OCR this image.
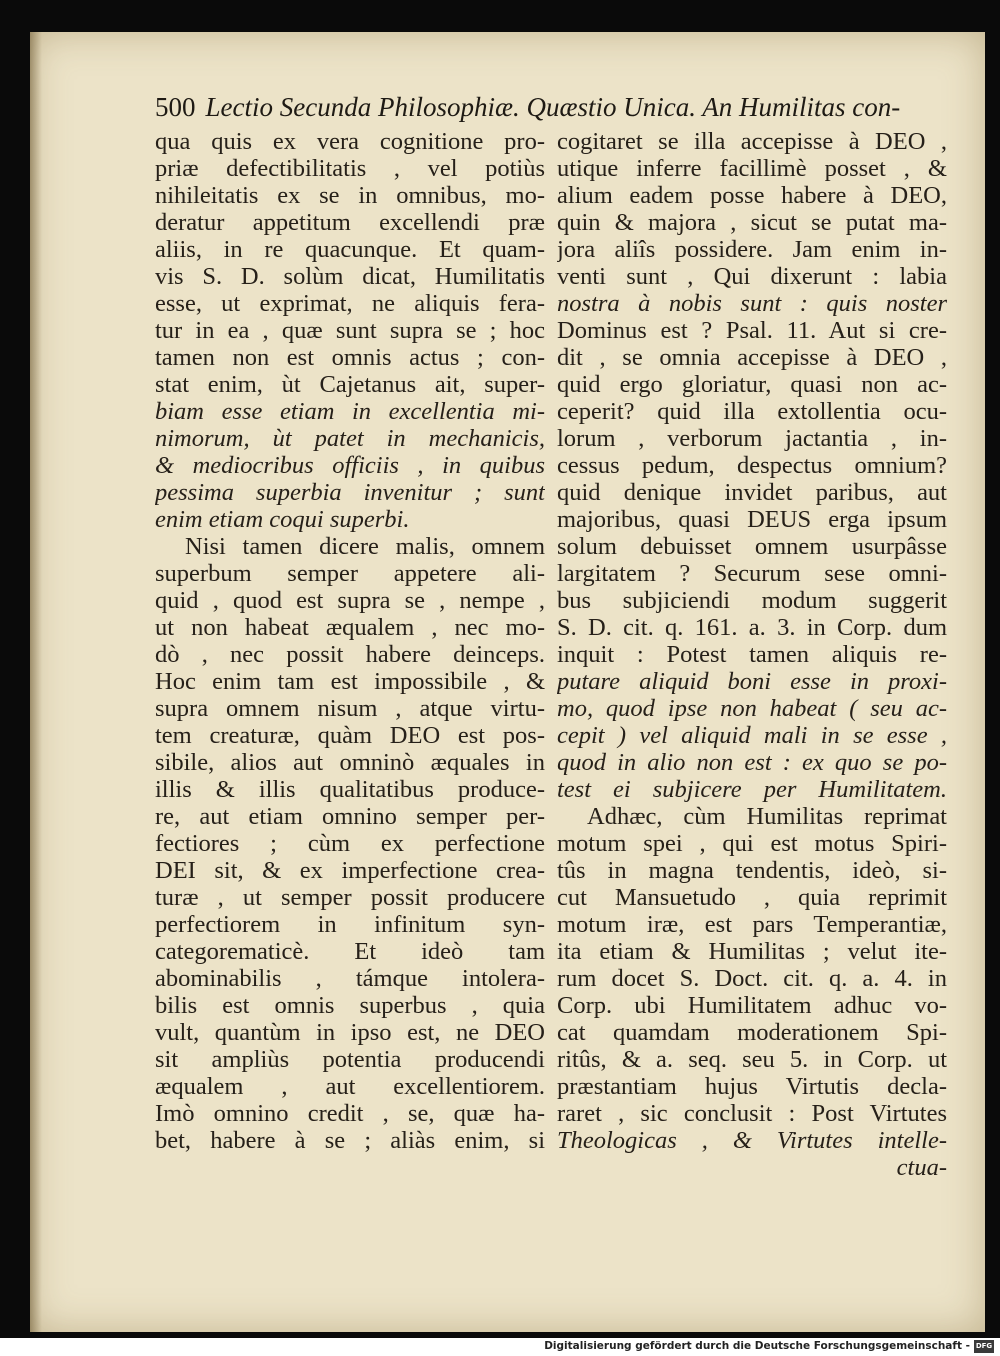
500 Lectio Secunda Philosophiæ. Quæstio Unica. An Humilitas con-
qua quis ex vera cognitione pro-
priæ defectibilitatis , vel potiùs
nihileitatis ex se in omnibus, mo-
deratur appetitum excellendi præ
aliis, in re quacunque. Et quam-
vis S. D. solùm dicat, Humilitatis
esse, ut exprimat, ne aliquis fera-
tur in ea , quæ sunt supra se ; hoc
tamen non est omnis actus ; con-
stat enim, ùt Cajetanus ait, super-
biam esse etiam in excellentia mi-
nimorum, ùt patet in mechanicis,
& mediocribus officiis , in quibus
pessima superbia invenitur ; sunt
enim etiam coqui superbi.
Nisi tamen dicere malis, omnem
superbum semper appetere ali-
quid , quod est supra se , nempe ,
ut non habeat æqualem , nec mo-
dò , nec possit habere deinceps.
Hoc enim tam est impossibile , &
supra omnem nisum , atque virtu-
tem creaturæ, quàm DEO est pos-
sibile, alios aut omninò æquales in
illis & illis qualitatibus produce-
re, aut etiam omnino semper per-
fectiores ; cùm ex perfectione
DEI sit, & ex imperfectione crea-
turæ , ut semper possit producere
perfectiorem in infinitum syn-
categorematicè. Et ideò tam
abominabilis , támque intolera-
bilis est omnis superbus , quia
vult, quantùm in ipso est, ne DEO
sit ampliùs potentia producendi
æqualem , aut excellentiorem.
Imò omnino credit , se, quæ ha-
bet, habere à se ; aliàs enim, si
cogitaret se illa accepisse à DEO ,
utique inferre facillimè posset , &
alium eadem posse habere à DEO,
quin & majora , sicut se putat ma-
jora aliîs possidere. Jam enim in-
venti sunt , Qui dixerunt : labia
nostra à nobis sunt : quis noster
Dominus est ? Psal. 11. Aut si cre-
dit , se omnia accepisse à DEO ,
quid ergo gloriatur, quasi non ac-
ceperit? quid illa extollentia ocu-
lorum , verborum jactantia , in-
cessus pedum, despectus omnium?
quid denique invidet paribus, aut
majoribus, quasi DEUS erga ipsum
solum debuisset omnem usurpâsse
largitatem ? Securum sese omni-
bus subjiciendi modum suggerit
S. D. cit. q. 161. a. 3. in Corp. dum
inquit : Potest tamen aliquis re-
putare aliquid boni esse in proxi-
mo, quod ipse non habeat ( seu ac-
cepit ) vel aliquid mali in se esse ,
quod in alio non est : ex quo se po-
test ei subjicere per Humilitatem.
Adhæc, cùm Humilitas reprimat
motum spei , qui est motus Spiri-
tûs in magna tendentis, ideò, si-
cut Mansuetudo , quia reprimit
motum iræ, est pars Temperantiæ,
ita etiam & Humilitas ; velut ite-
rum docet S. Doct. cit. q. a. 4. in
Corp. ubi Humilitatem adhuc vo-
cat quamdam moderationem Spi-
ritûs, & a. seq. seu 5. in Corp. ut
præstantiam hujus Virtutis decla-
raret , sic conclusit : Post Virtutes
Theologicas , & Virtutes intelle-
ctua-
Digitalisierung gefördert durch die Deutsche Forschungsgemeinschaft - DFG
